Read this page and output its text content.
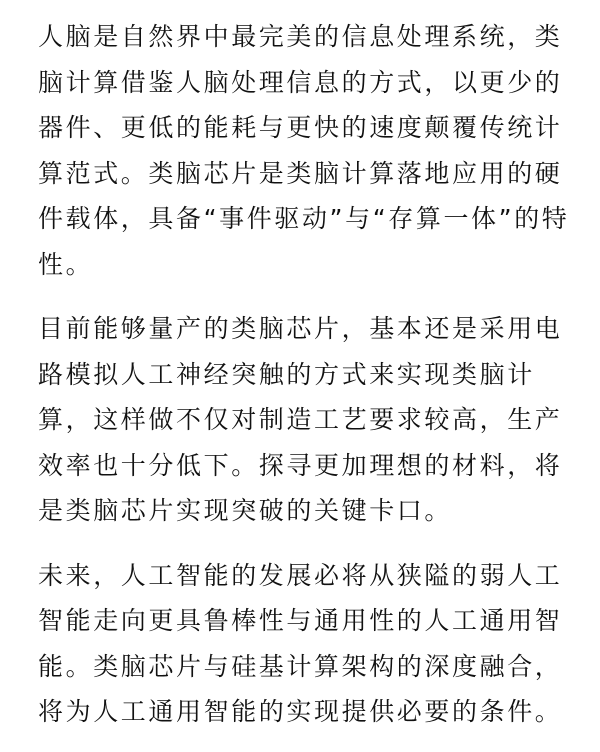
人脑是自然界中最完美的信息处理系统，类
脑计算借鉴人脑处理信息的方式，以更少的
器件、更低的能耗与更快的速度颠覆传统计
算范式。类脑芯片是类脑计算落地应用的硬
件载体，具备“事件驱动”与“存算一体”的特
性。

目前能够量产的类脑芯片，基本还是采用电
路模拟人工神经突触的方式来实现类脑计
算，这样做不仅对制造工艺要求较高，生产
效率也十分低下。探寻更加理想的材料，将
是类脑芯片实现突破的关键卡口。

未来，人工智能的发展必将从狭隘的弱人工
智能走向更具鲁棒性与通用性的人工通用智
能。类脑芯片与硅基计算架构的深度融合，
将为人工通用智能的实现提供必要的条件。
